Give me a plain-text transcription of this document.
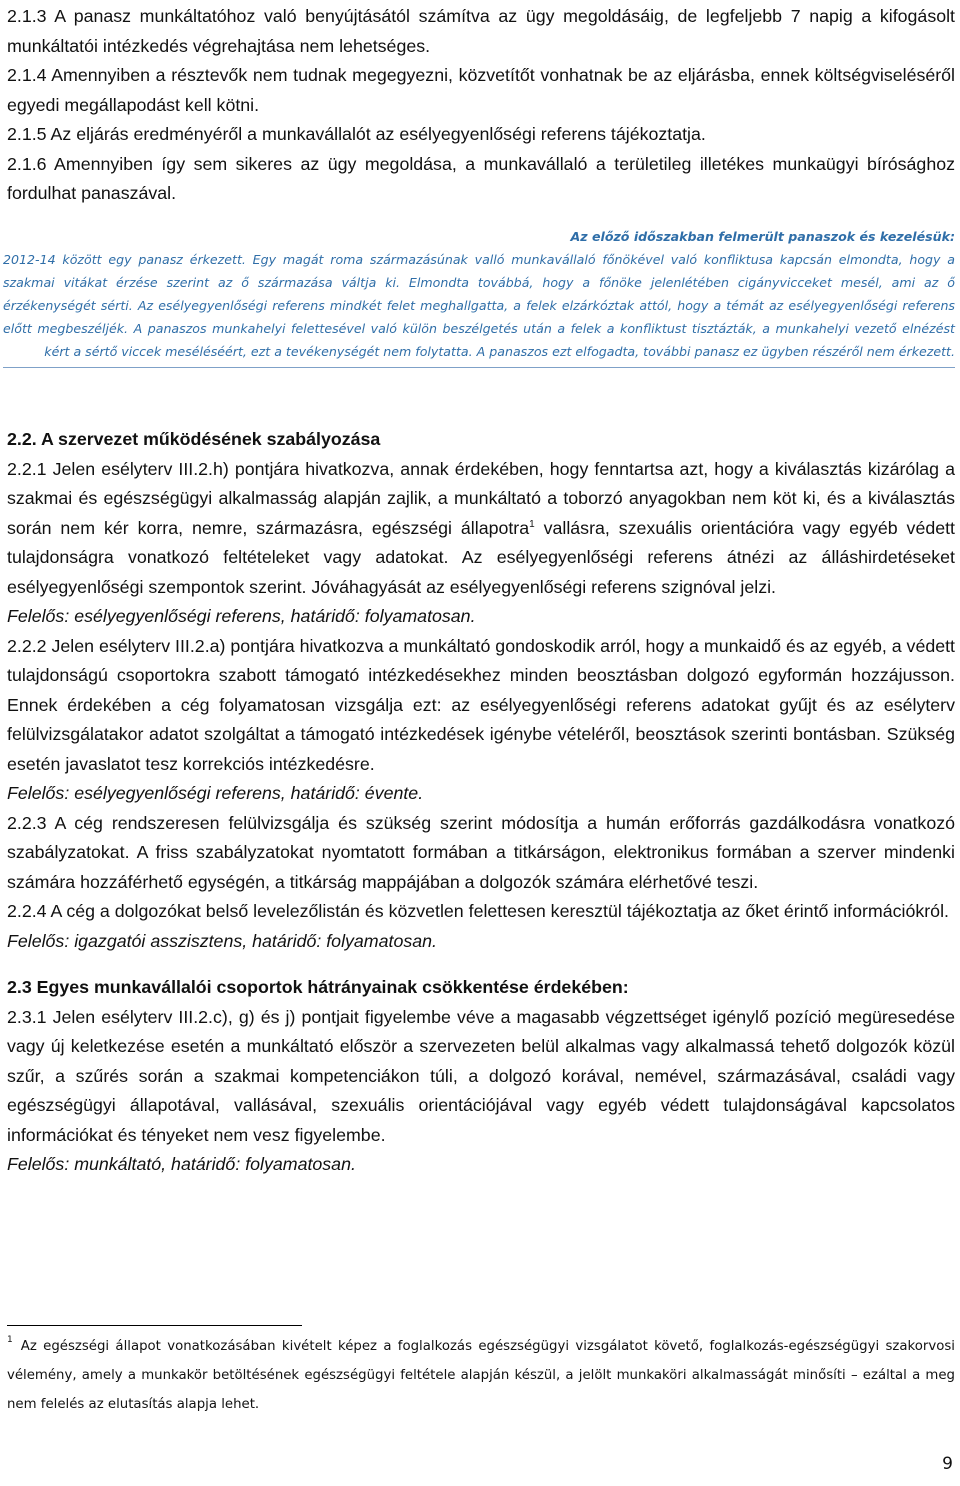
2.1.3 A panasz munkáltatóhoz való benyújtásától számítva az ügy megoldásáig, de legfeljebb 7 napig a kifogásolt munkáltatói intézkedés végrehajtása nem lehetséges.

2.1.4 Amennyiben a résztevők nem tudnak megegyezni, közvetítőt vonhatnak be az eljárásba, ennek költségviseléséről egyedi megállapodást kell kötni.

2.1.5 Az eljárás eredményéről a munkavállalót az esélyegyenlőségi referens tájékoztatja.

2.1.6 Amennyiben így sem sikeres az ügy megoldása, a munkavállaló a területileg illetékes munkaügyi bírósághoz fordulhat panaszával.

Az előző időszakban felmerült panaszok és kezelésük:
2012-14 között egy panasz érkezett. Egy magát roma származásúnak valló munkavállaló főnökével való konfliktusa kapcsán elmondta, hogy a szakmai vitákat érzése szerint az ő származása váltja ki. Elmondta továbbá, hogy a főnöke jelenlétében cigányvicceket mesél, ami az ő érzékenységét sérti. Az esélyegyenlőségi referens mindkét felet meghallgatta, a felek elzárkóztak attól, hogy a témát az esélyegyenlőségi referens előtt megbeszéljék. A panaszos munkahelyi felettesével való külön beszélgetés után a felek a konfliktust tisztázták, a munkahelyi vezető elnézést kért a sértő viccek meséléséért, ezt a tevékenységét nem folytatta. A panaszos ezt elfogadta, további panasz ez ügyben részéről nem érkezett.
2.2. A szervezet működésének szabályozása

2.2.1 Jelen esélyterv III.2.h) pontjára hivatkozva, annak érdekében, hogy fenntartsa azt, hogy a kiválasztás kizárólag a szakmai és egészségügyi alkalmasság alapján zajlik, a munkáltató a toborzó anyagokban nem köt ki, és a kiválasztás során nem kér korra, nemre, származásra, egészségi állapotra$^1$ vallásra, szexuális orientációra vagy egyéb védett tulajdonságra vonatkozó feltételeket vagy adatokat. Az esélyegyenlőségi referens átnézi az álláshirdetéseket esélyegyenlőségi szempontok szerint. Jóváhagyását az esélyegyenlőségi referens szignóval jelzi.

Felelős: esélyegyenlőségi referens, határidő: folyamatosan.

2.2.2 Jelen esélyterv III.2.a) pontjára hivatkozva a munkáltató gondoskodik arról, hogy a munkaidő és az egyéb, a védett tulajdonságú csoportokra szabott támogató intézkedésekhez minden beosztásban dolgozó egyformán hozzájusson. Ennek érdekében a cég folyamatosan vizsgálja ezt: az esélyegyenlőségi referens adatokat gyűjt és az esélyterv felülvizsgálatakor adatot szolgáltat a támogató intézkedések igénybe vételéről, beosztások szerinti bontásban. Szükség esetén javaslatot tesz korrekciós intézkedésre.

Felelős: esélyegyenlőségi referens, határidő: évente.

2.2.3 A cég rendszeresen felülvizsgálja és szükség szerint módosítja a humán erőforrás gazdálkodásra vonatkozó szabályzatokat. A friss szabályzatokat nyomtatott formában a titkárságon, elektronikus formában a szerver mindenki számára hozzáférhető egységén, a titkárság mappájában a dolgozók számára elérhetővé teszi.

2.2.4 A cég a dolgozókat belső levelezőlistán és közvetlen felettesen keresztül tájékoztatja az őket érintő információkról.

Felelős: igazgatói asszisztens, határidő: folyamatosan.

2.3 Egyes munkavállalói csoportok hátrányainak csökkentése érdekében:

2.3.1 Jelen esélyterv III.2.c), g) és j) pontjait figyelembe véve a magasabb végzettséget igénylő pozíció megüresedése vagy új keletkezése esetén a munkáltató először a szervezeten belül alkalmas vagy alkalmassá tehető dolgozók közül szűr, a szűrés során a szakmai kompetenciákon túli, a dolgozó korával, nemével, származásával, családi vagy egészségügyi állapotával, vallásával, szexuális orientációjával vagy egyéb védett tulajdonságával kapcsolatos információkat és tényeket nem vesz figyelembe.

Felelős: munkáltató, határidő: folyamatosan.

$^1$ Az egészségi állapot vonatkozásában kivételt képez a foglalkozás egészségügyi vizsgálatot követő, foglalkozás-egészségügyi szakorvosi vélemény, amely a munkakör betöltésének egészségügyi feltétele alapján készül, a jelölt munkaköri alkalmasságát minősíti – ezáltal a meg nem felelés az elutasítás alapja lehet.
9
